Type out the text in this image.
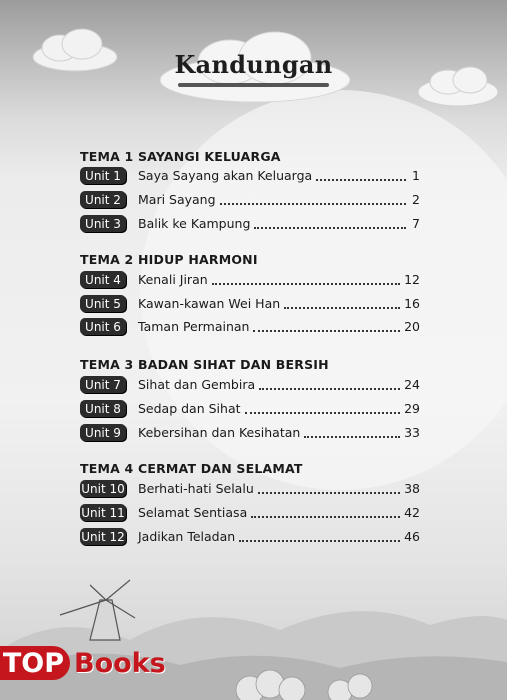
Kandungan
TEMA 1 SAYANGI KELUARGA
Unit 1	Saya Sayang akan Keluarga	1
Unit 2	Mari Sayang	2
Unit 3	Balik ke Kampung	7
TEMA 2 HIDUP HARMONI
Unit 4	Kenali Jiran	12
Unit 5	Kawan-kawan Wei Han	16
Unit 6	Taman Permainan	20
TEMA 3 BADAN SIHAT DAN BERSIH
Unit 7	Sihat dan Gembira	24
Unit 8	Sedap dan Sihat	29
Unit 9	Kebersihan dan Kesihatan	33
TEMA 4 CERMAT DAN SELAMAT
Unit 10 Berhati-hati Selalu	38
Unit 11 Selamat Sentiasa	42
Unit 12 Jadikan Teladan	46
TOP Books
